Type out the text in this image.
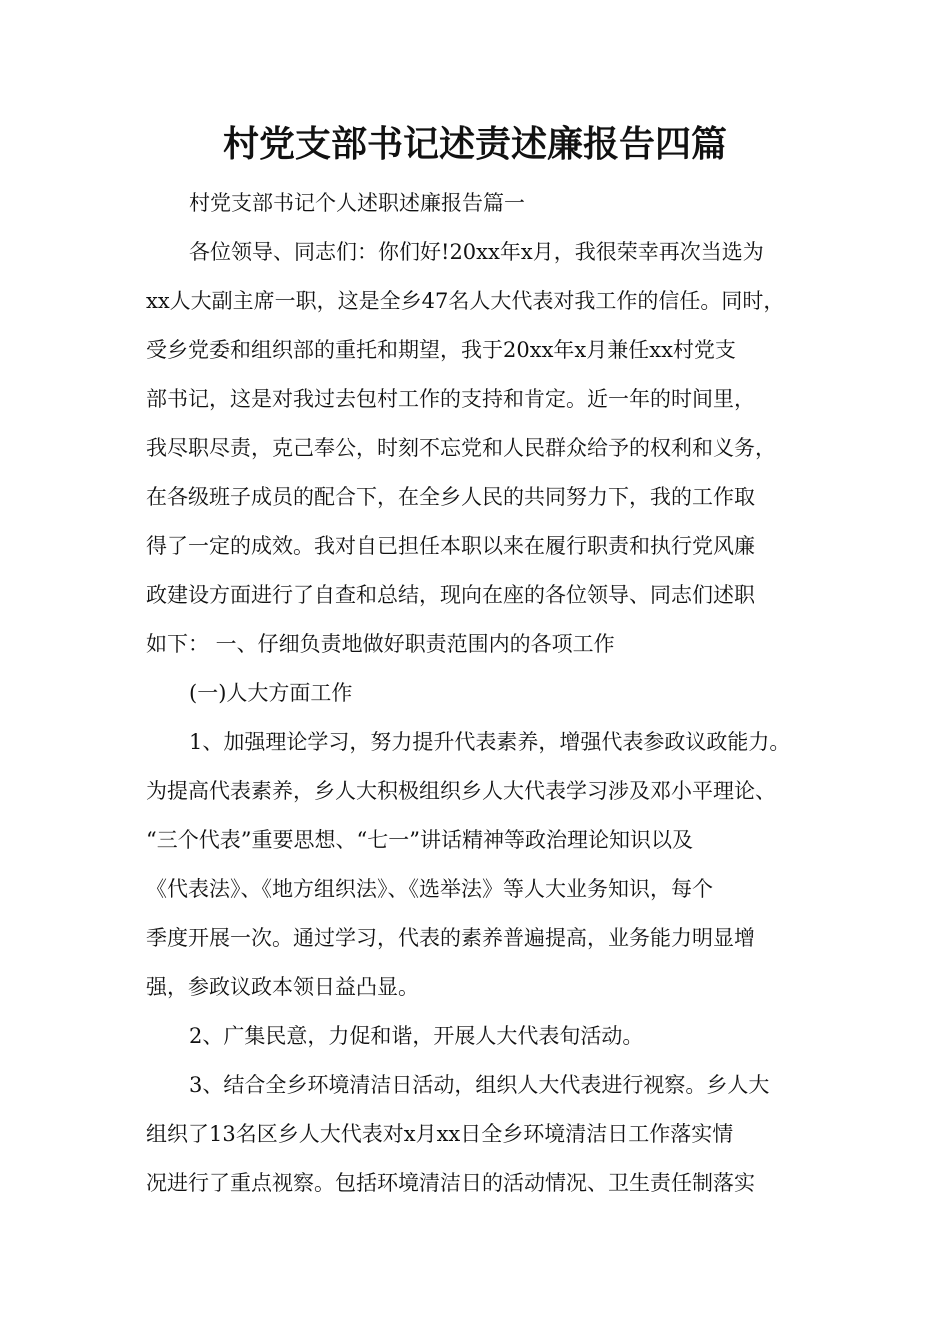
村党支部书记述责述廉报告四篇
村党支部书记个人述职述廉报告篇一
各位领导、同志们：你们好!20xx年x月，我很荣幸再次当选为
xx人大副主席一职，这是全乡47名人大代表对我工作的信任。同时，
受乡党委和组织部的重托和期望，我于20xx年x月兼任xx村党支
部书记，这是对我过去包村工作的支持和肯定。近一年的时间里，
我尽职尽责，克己奉公，时刻不忘党和人民群众给予的权利和义务，
在各级班子成员的配合下，在全乡人民的共同努力下，我的工作取
得了一定的成效。我对自已担任本职以来在履行职责和执行党风廉
政建设方面进行了自查和总结，现向在座的各位领导、同志们述职
如下： 一、仔细负责地做好职责范围内的各项工作
(一)人大方面工作
1、加强理论学习，努力提升代表素养，增强代表参政议政能力。
为提高代表素养，乡人大积极组织乡人大代表学习涉及邓小平理论、
“三个代表”重要思想、“七一”讲话精神等政治理论知识以及
《代表法》、《地方组织法》、《选举法》等人大业务知识，每个
季度开展一次。通过学习，代表的素养普遍提高，业务能力明显增
强，参政议政本领日益凸显。
2、广集民意，力促和谐，开展人大代表旬活动。
3、结合全乡环境清洁日活动，组织人大代表进行视察。乡人大
组织了13名区乡人大代表对x月xx日全乡环境清洁日工作落实情
况进行了重点视察。包括环境清洁日的活动情况、卫生责任制落实
